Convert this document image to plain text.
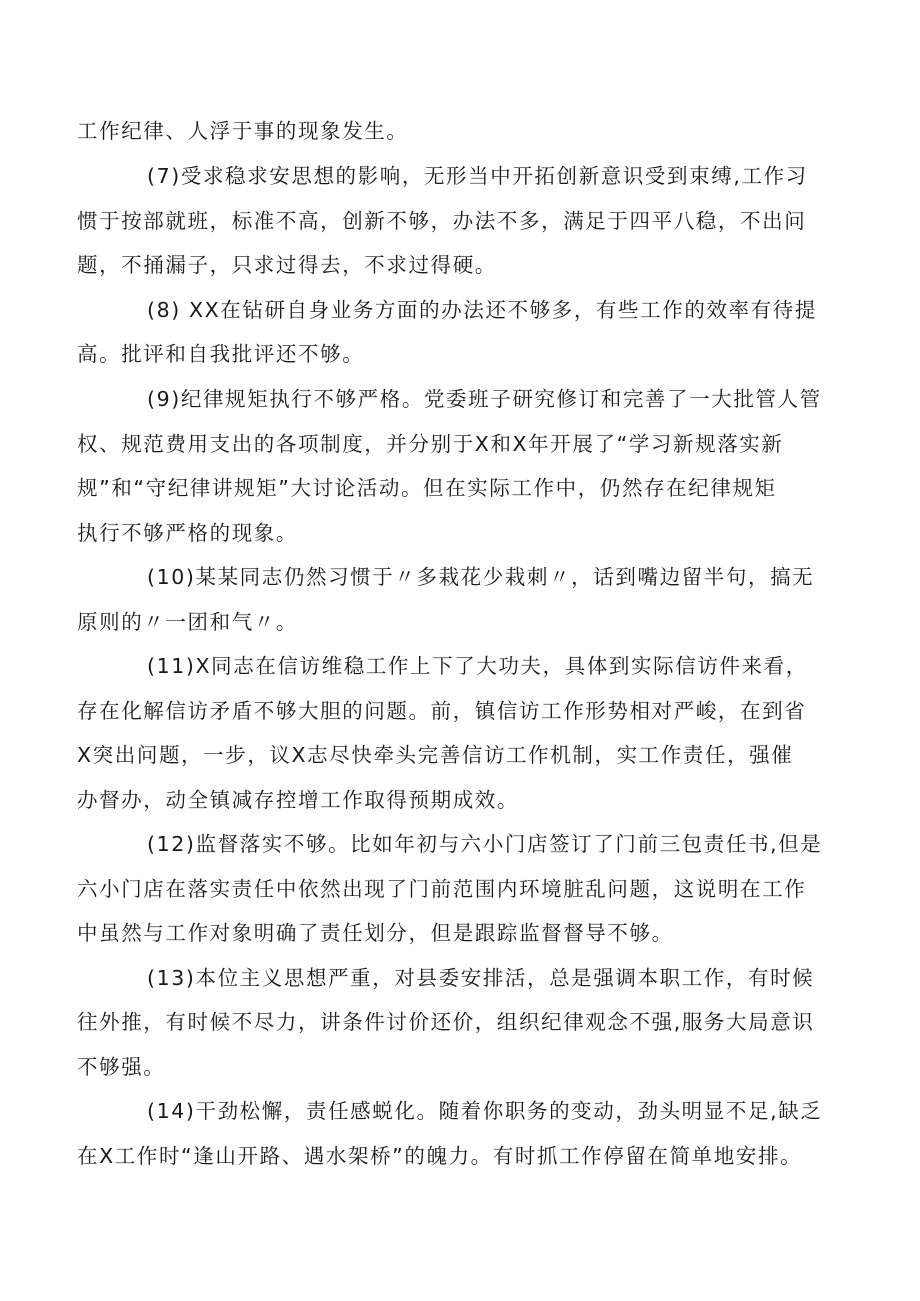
工作纪律、人浮于事的现象发生。
(7)受求稳求安思想的影响，无形当中开拓创新意识受到束缚,工作习
惯于按部就班，标准不高，创新不够，办法不多，满足于四平八稳，不出问
题，不捅漏子，只求过得去，不求过得硬。
(8) XX在钻研自身业务方面的办法还不够多，有些工作的效率有待提
高。批评和自我批评还不够。
(9)纪律规矩执行不够严格。党委班子研究修订和完善了一大批管人管
权、规范费用支出的各项制度，并分别于X和X年开展了“学习新规落实新
规”和“守纪律讲规矩”大讨论活动。但在实际工作中，仍然存在纪律规矩
执行不够严格的现象。
(10)某某同志仍然习惯于〃多栽花少栽刺〃，话到嘴边留半句，搞无
原则的〃一团和气〃。
(11)X同志在信访维稳工作上下了大功夫，具体到实际信访件来看，
存在化解信访矛盾不够大胆的问题。前，镇信访工作形势相对严峻，在到省
X突出问题，一步，议X志尽快牵头完善信访工作机制，实工作责任，强催
办督办，动全镇减存控增工作取得预期成效。
(12)监督落实不够。比如年初与六小门店签订了门前三包责任书,但是
六小门店在落实责任中依然出现了门前范围内环境脏乱问题，这说明在工作
中虽然与工作对象明确了责任划分，但是跟踪监督督导不够。
(13)本位主义思想严重，对县委安排活，总是强调本职工作，有时候
往外推，有时候不尽力，讲条件讨价还价，组织纪律观念不强,服务大局意识
不够强。
(14)干劲松懈，责任感蜕化。随着你职务的变动，劲头明显不足,缺乏
在X工作时“逢山开路、遇水架桥”的魄力。有时抓工作停留在简单地安排。
